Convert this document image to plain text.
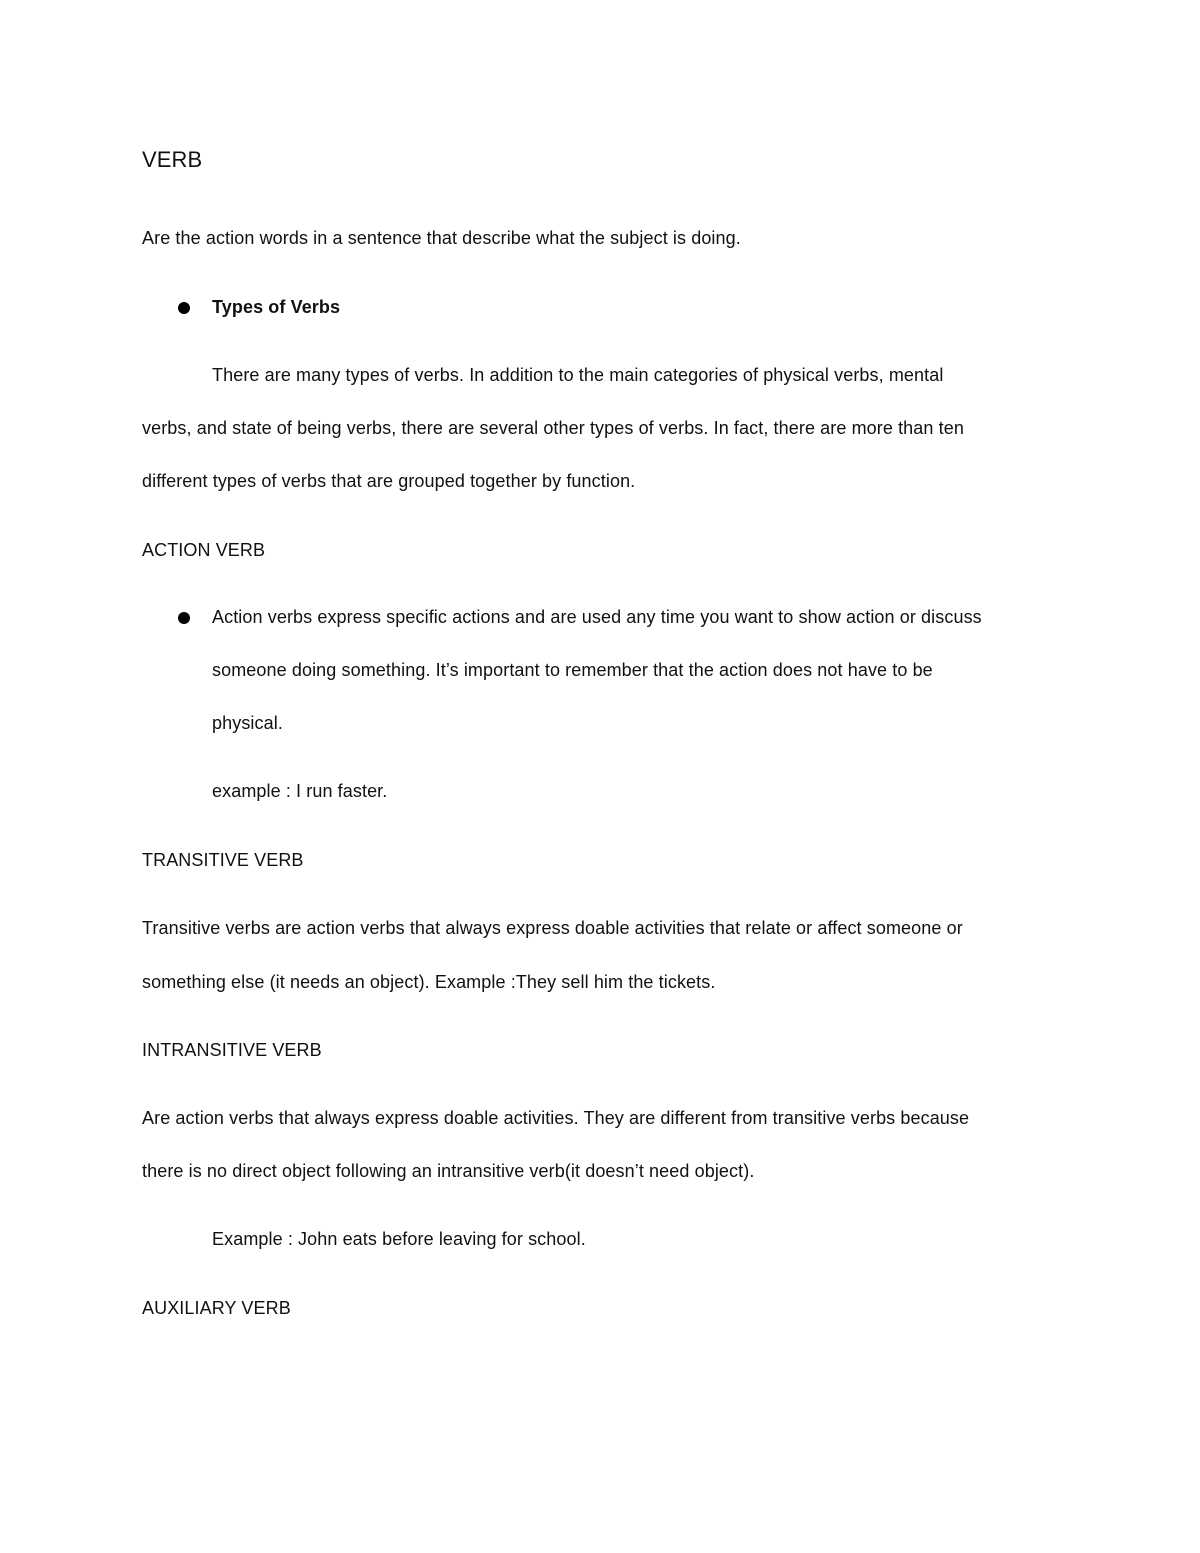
VERB
Are the action words in a sentence that describe what the subject is doing.
Types of Verbs
There are many types of verbs. In addition to the main categories of physical verbs, mental
verbs, and state of being verbs, there are several other types of verbs. In fact, there are more than ten
different types of verbs that are grouped together by function.
ACTION VERB
Action verbs express specific actions and are used any time you want to show action or discuss
someone doing something. It’s important to remember that the action does not have to be
physical.
example : I run faster.
TRANSITIVE VERB
Transitive verbs are action verbs that always express doable activities that relate or affect someone or
something else (it needs an object). Example :They sell him the tickets.
INTRANSITIVE VERB
Are action verbs that always express doable activities. They are different from transitive verbs because
there is no direct object following an intransitive verb(it doesn’t need object).
Example : John eats before leaving for school.
AUXILIARY VERB
